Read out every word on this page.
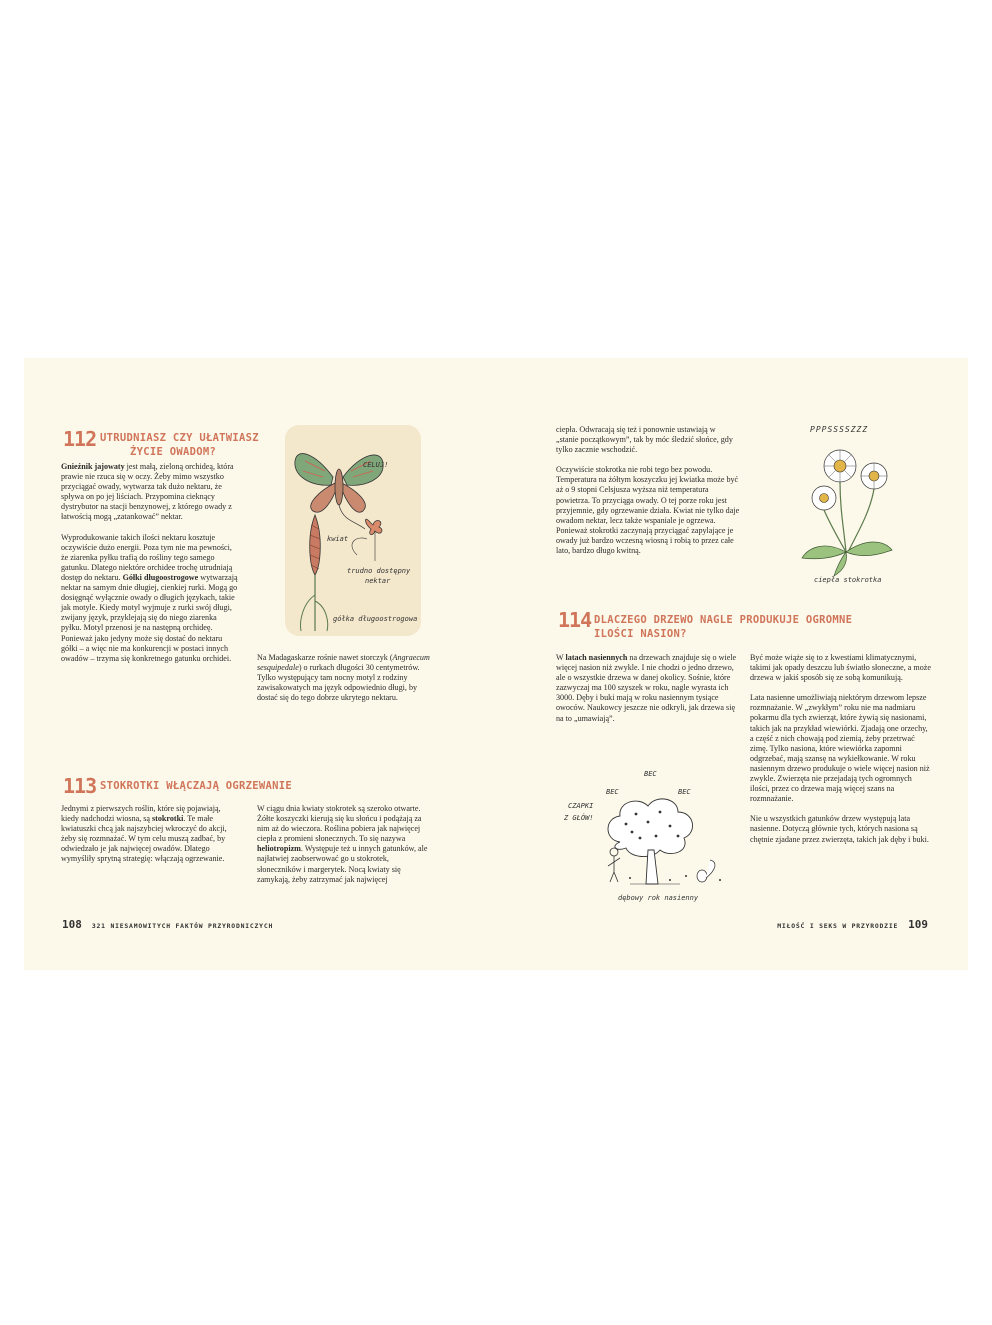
112 UTRUDNIASZ CZY UŁATWIASZ
ŻYCIE OWADOM?

Gnieźnik jajowaty jest małą, zieloną orchideą, która prawie nie rzuca się w oczy. Żeby mimo wszystko przyciągać owady, wytwarza tak dużo nektaru, że spływa on po jej liściach. Przypomina cieknący dystrybutor na stacji benzynowej, z którego owady z łatwością mogą „zatankować” nektar.

Wyprodukowanie takich ilości nektaru kosztuje oczywiście dużo energii. Poza tym nie ma pewności, że ziarenka pyłku trafią do rośliny tego samego gatunku. Dlatego niektóre orchidee trochę utrudniają dostęp do nektaru. Gółki długoostrogowe wytwarzają nektar na samym dnie długiej, cienkiej rurki. Mogą go dosięgnąć wyłącznie owady o długich językach, takie jak motyle. Kiedy motyl wyjmuje z rurki swój długi, zwijany język, przyklejają się do niego ziarenka pyłku. Motyl przenosi je na następną orchideę. Ponieważ jako jedyny może się dostać do nektaru gółki – a więc nie ma konkurencji w postaci innych owadów – trzyma się konkretnego gatunku orchidei.	Na Madagaskarze rośnie nawet storczyk (Angraecum sesquipedale) o rurkach długości 30 centymetrów. Tylko występujący tam nocny motyl z rodziny zawisakowatych ma język odpowiednio długi, by dostać się do tego dobrze ukrytego nektaru.

CELUJ!
kwiat
trudno dostępny
nektar
gółka długoostrogowa
113 STOKROTKI WŁĄCZAJĄ OGRZEWANIE

Jednymi z pierwszych roślin, które się pojawiają, kiedy nadchodzi wiosna, są stokrotki. Te małe kwiatuszki chcą jak najszybciej wkroczyć do akcji, żeby się rozmnażać. W tym celu muszą zadbać, by odwiedzało je jak najwięcej owadów. Dlatego wymyśliły sprytną strategię: włączają ogrzewanie.

W ciągu dnia kwiaty stokrotek są szeroko otwarte. Żółte koszyczki kierują się ku słońcu i podążają za nim aż do wieczora. Roślina pobiera jak najwięcej ciepła z promieni słonecznych. To się nazywa heliotropizm. Występuje też u innych gatunków, ale najłatwiej zaobserwować go u stokrotek, słoneczników i margerytek. Nocą kwiaty się zamykają, żeby zatrzymać jak najwięcej

ciepła. Odwracają się też i ponownie ustawiają w „stanie początkowym”, tak by móc śledzić słońce, gdy tylko zacznie wschodzić.

Oczywiście stokrotka nie robi tego bez powodu. Temperatura na żółtym koszyczku jej kwiatka może być aż o 9 stopni Celsjusza wyższa niż temperatura powietrza. To przyciąga owady. O tej porze roku jest przyjemnie, gdy ogrzewanie działa. Kwiat nie tylko daje owadom nektar, lecz także wspaniale je ogrzewa. Ponieważ stokrotki zaczynają przyciągać zapylające je owady już bardzo wczesną wiosną i robią to przez całe lato, bardzo długo kwitną.

PPPSSSSZZZ
ciepła stokrotka
114 DLACZEGO DRZEWO NAGLE PRODUKUJE OGROMNE
ILOŚCI NASION?

W latach nasiennych na drzewach znajduje się o wiele więcej nasion niż zwykle. I nie chodzi o jedno drzewo, ale o wszystkie drzewa w danej okolicy. Sośnie, które zazwyczaj ma 100 szyszek w roku, nagle wyrasta ich 3000. Dęby i buki mają w roku nasiennym tysiące owoców. Naukowcy jeszcze nie odkryli, jak drzewa się na to „umawiają”.

Być może wiąże się to z kwestiami klimatycznymi, takimi jak opady deszczu lub światło słoneczne, a może drzewa w jakiś sposób się ze sobą komunikują.

Lata nasienne umożliwiają niektórym drzewom lepsze rozmnażanie. W „zwykłym” roku nie ma nadmiaru pokarmu dla tych zwierząt, które żywią się nasionami, takich jak na przykład wiewiórki. Zjadają one orzechy, a część z nich chowają pod ziemią, żeby przetrwać zimę. Tylko nasiona, które wiewiórka zapomni odgrzebać, mają szansę na wykiełkowanie. W roku nasiennym drzewo produkuje o wiele więcej nasion niż zwykle. Zwierzęta nie przejadają tych ogromnych ilości, przez co drzewa mają więcej szans na rozmnażanie.

Nie u wszystkich gatunków drzew występują lata nasienne. Dotyczą głównie tych, których nasiona są chętnie zjadane przez zwierzęta, takich jak dęby i buki.

BEC
BEC	BEC
CZAPKI
Z GŁÓW!
dębowy rok nasienny
108 321 NIESAMOWITYCH FAKTÓW PRZYRODNICZYCH	MIŁOŚĆ I SEKS W PRZYRODZIE 109
